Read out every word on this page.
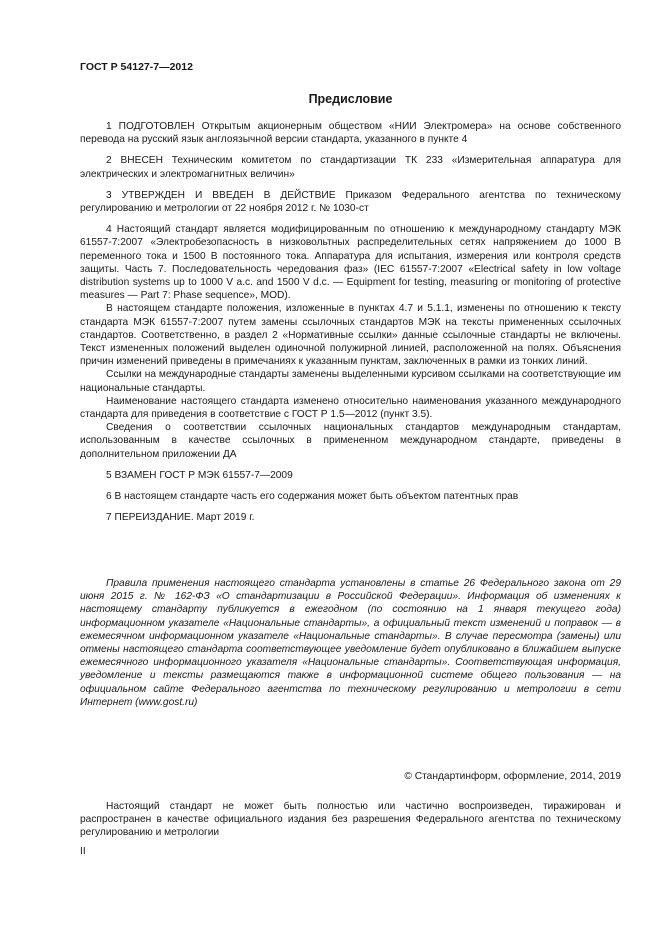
ГОСТ Р 54127-7—2012
Предисловие

1 ПОДГОТОВЛЕН Открытым акционерным обществом «НИИ Электромера» на основе собственного перевода на русский язык англоязычной версии стандарта, указанного в пункте 4

2 ВНЕСЕН Техническим комитетом по стандартизации ТК 233 «Измерительная аппаратура для электрических и электромагнитных величин»

3 УТВЕРЖДЕН И ВВЕДЕН В ДЕЙСТВИЕ Приказом Федерального агентства по техническому регулированию и метрологии от 22 ноября 2012 г. № 1030-ст

4 Настоящий стандарт является модифицированным по отношению к международному стандарту МЭК 61557-7:2007 «Электробезопасность в низковольтных распределительных сетях напряжением до 1000 В переменного тока и 1500 В постоянного тока. Аппаратура для испытания, измерения или контроля средств защиты. Часть 7. Последовательность чередования фаз» (IEC 61557-7:2007 «Electrical safety in low voltage distribution systems up to 1000 V a.c. and 1500 V d.c. — Equipment for testing, measuring or monitoring of protective measures — Part 7: Phase sequence», MOD).

В настоящем стандарте положения, изложенные в пунктах 4.7 и 5.1.1, изменены по отношению к тексту стандарта МЭК 61557-7:2007 путем замены ссылочных стандартов МЭК на тексты примененных ссылочных стандартов. Соответственно, в раздел 2 «Нормативные ссылки» данные ссылочные стандарты не включены. Текст измененных положений выделен одиночной полужирной линией, расположенной на полях. Объяснения причин изменений приведены в примечаниях к указанным пунктам, заключенных в рамки из тонких линий.

Ссылки на международные стандарты заменены выделенными курсивом ссылками на соответствующие им национальные стандарты.

Наименование настоящего стандарта изменено относительно наименования указанного международного стандарта для приведения в соответствие с ГОСТ Р 1.5—2012 (пункт 3.5).

Сведения о соответствии ссылочных национальных стандартов международным стандартам, использованным в качестве ссылочных в примененном международном стандарте, приведены в дополнительном приложении ДА

5 ВЗАМЕН ГОСТ Р МЭК 61557-7—2009

6 В настоящем стандарте часть его содержания может быть объектом патентных прав

7 ПЕРЕИЗДАНИЕ. Март 2019 г.

Правила применения настоящего стандарта установлены в статье 26 Федерального закона от 29 июня 2015 г. № 162-ФЗ «О стандартизации в Российской Федерации». Информация об изменениях к настоящему стандарту публикуется в ежегодном (по состоянию на 1 января текущего года) информационном указателе «Национальные стандарты», а официальный текст изменений и поправок — в ежемесячном информационном указателе «Национальные стандарты». В случае пересмотра (замены) или отмены настоящего стандарта соответствующее уведомление будет опубликовано в ближайшем выпуске ежемесячного информационного указателя «Национальные стандарты». Соответствующая информация, уведомление и тексты размещаются также в информационной системе общего пользования — на официальном сайте Федерального агентства по техническому регулированию и метрологии в сети Интернет (www.gost.ru)

© Стандартинформ, оформление, 2014, 2019

Настоящий стандарт не может быть полностью или частично воспроизведен, тиражирован и распространен в качестве официального издания без разрешения Федерального агентства по техническому регулированию и метрологии

II
